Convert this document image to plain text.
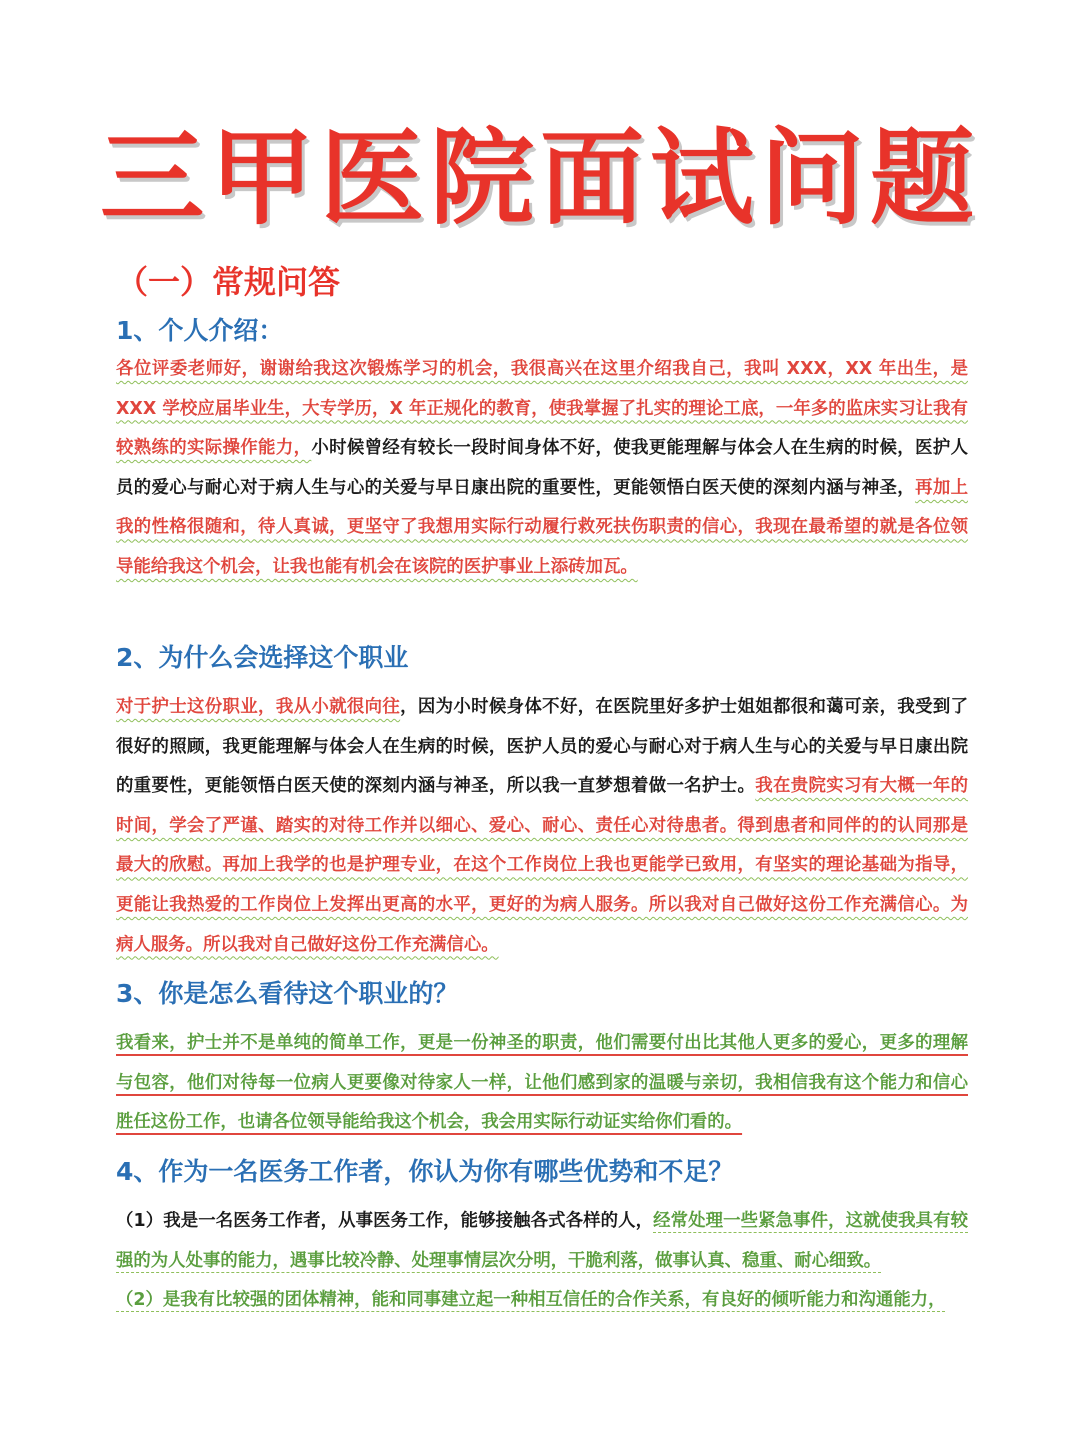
三甲医院面试问题
（一）常规问答
1、个人介绍：
各位评委老师好，谢谢给我这次锻炼学习的机会，我很高兴在这里介绍我自己，我叫 XXX，XX 年出生，是 XXX 学校应届毕业生，大专学历，X 年正规化的教育，使我掌握了扎实的理论工底，一年多的监床实习让我有较熟练的实际操作能力，小时候曾经有较长一段时间身体不好，使我更能理解与体会人在生病的时候，医护人员的爱心与耐心对于病人生与心的关爱与早日康出院的重要性，更能领悟白医天使的深刻内涵与神圣，再加上我的性格很随和，待人真诚，更坚守了我想用实际行动履行救死扶伤职责的信心，我现在最希望的就是各位领导能给我这个机会，让我也能有机会在该院的医护事业上添砖加瓦。
2、为什么会选择这个职业
对于护士这份职业，我从小就很向往，因为小时候身体不好，在医院里好多护士姐姐都很和蔼可亲，我受到了很好的照顾，我更能理解与体会人在生病的时候，医护人员的爱心与耐心对于病人生与心的关爱与早日康出院的重要性，更能领悟白医天使的深刻内涵与神圣，所以我一直梦想着做一名护士。我在贵院实习有大概一年的时间，学会了严谨、踏实的对待工作并以细心、爱心、耐心、责任心对待患者。得到患者和同伴的的认同那是最大的欣慰。再加上我学的也是护理专业，在这个工作岗位上我也更能学已致用，有坚实的理论基础为指导，更能让我热爱的工作岗位上发挥出更高的水平，更好的为病人服务。所以我对自己做好这份工作充满信心。为病人服务。所以我对自己做好这份工作充满信心。
3、你是怎么看待这个职业的？
我看来，护士并不是单纯的简单工作，更是一份神圣的职责，他们需要付出比其他人更多的爱心，更多的理解与包容，他们对待每一位病人更要像对待家人一样，让他们感到家的温暖与亲切，我相信我有这个能力和信心胜任这份工作，也请各位领导能给我这个机会，我会用实际行动证实给你们看的。
4、作为一名医务工作者，你认为你有哪些优势和不足？
（1）我是一名医务工作者，从事医务工作，能够接触各式各样的人，经常处理一些紧急事件，这就使我具有较强的为人处事的能力，遇事比较冷静、处理事情层次分明，干脆利落，做事认真、稳重、耐心细致。
（2）是我有比较强的团体精神，能和同事建立起一种相互信任的合作关系，有良好的倾听能力和沟通能力，
